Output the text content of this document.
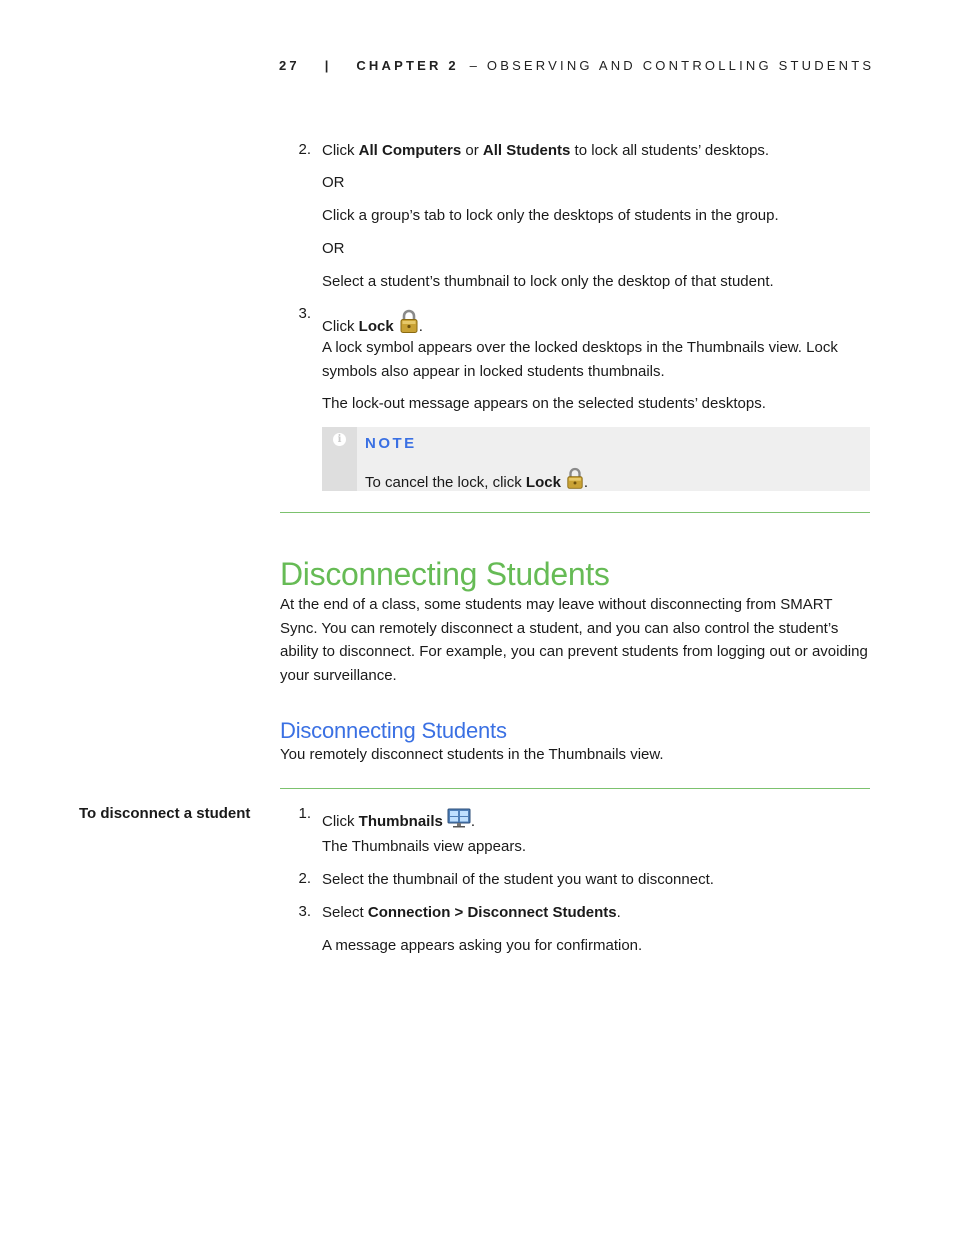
27 | CHAPTER 2 – OBSERVING AND CONTROLLING STUDENTS
2. Click All Computers or All Students to lock all students’ desktops.
OR
Click a group’s tab to lock only the desktops of students in the group.
OR
Select a student’s thumbnail to lock only the desktop of that student.
3.
Click Lock .
A lock symbol appears over the locked desktops in the Thumbnails view. Lock
symbols also appear in locked students thumbnails.
The lock-out message appears on the selected students’ desktops.
i	NOTE
To cancel the lock, click Lock .
Disconnecting Students
At the end of a class, some students may leave without disconnecting from SMART
Sync. You can remotely disconnect a student, and you can also control the student’s
ability to disconnect. For example, you can prevent students from logging out or avoiding
your surveillance.
Disconnecting Students
You remotely disconnect students in the Thumbnails view.
To disconnect a student	1. Click Thumbnails .
The Thumbnails view appears.
2. Select the thumbnail of the student you want to disconnect.
3. Select Connection > Disconnect Students.
A message appears asking you for confirmation.
